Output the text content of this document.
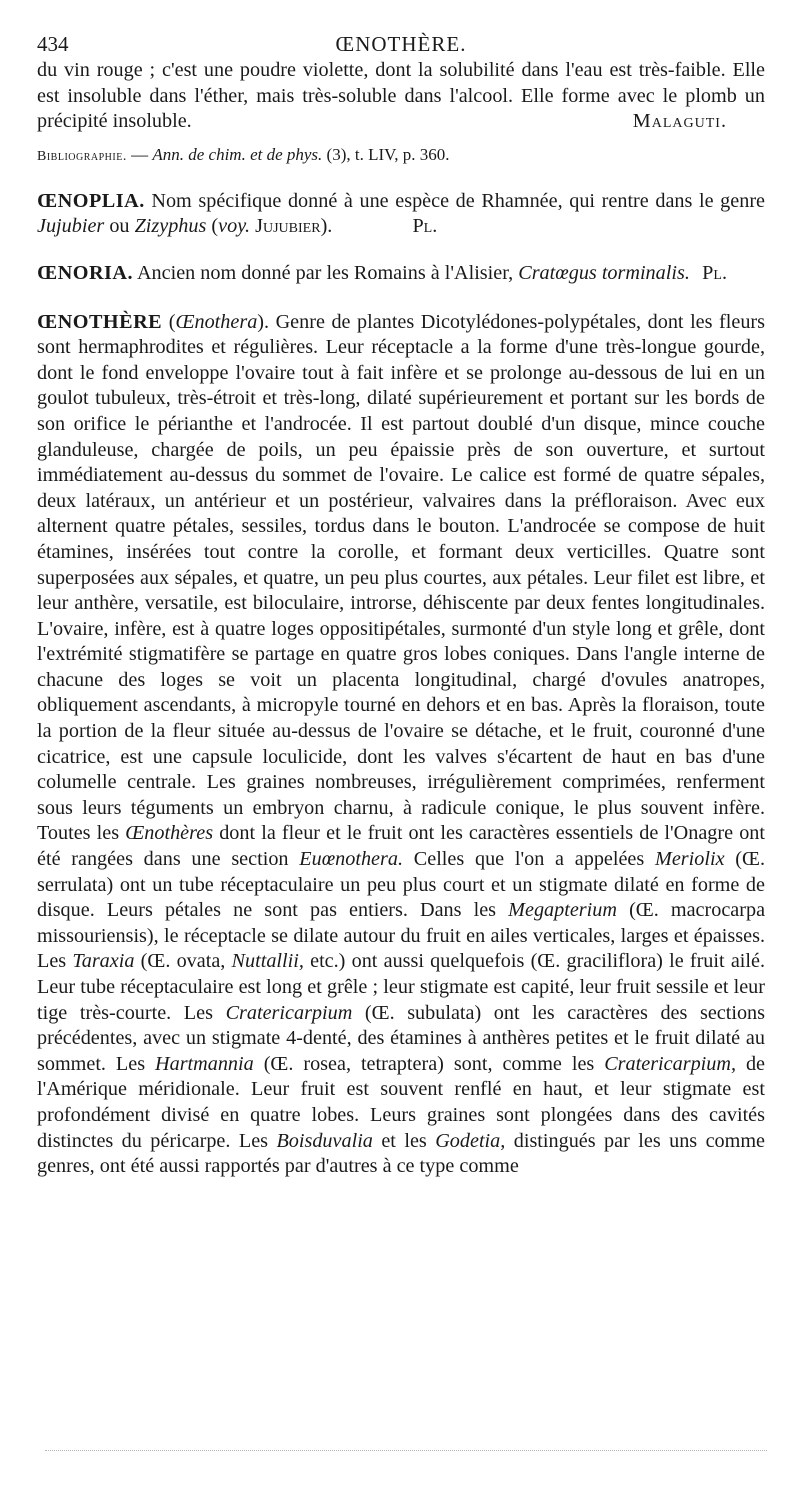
434	ŒNOTHÈRE.
du vin rouge ; c'est une poudre violette, dont la solubilité dans l'eau est très-faible. Elle est insoluble dans l'éther, mais très-soluble dans l'alcool. Elle forme avec le plomb un précipité insoluble.	Malaguti.
Bibliographie. — Ann. de chim. et de phys. (3), t. LIV, p. 360.

ŒNOPLIA. Nom spécifique donné à une espèce de Rhamnée, qui rentre dans le genre Jujubier ou Zizyphus (voy. Jujubier).	Pl.

ŒNORIA. Ancien nom donné par les Romains à l'Alisier, Cratœgus torminalis. Pl.

ŒNOTHÈRE (Œnothera). Genre de plantes Dicotylédones-polypétales, dont les fleurs sont hermaphrodites et régulières. Leur réceptacle a la forme d'une très-longue gourde, dont le fond enveloppe l'ovaire tout à fait infère et se prolonge au-dessous de lui en un goulot tubuleux, très-étroit et très-long, dilaté supérieurement et portant sur les bords de son orifice le périanthe et l'androcée. Il est partout doublé d'un disque, mince couche glanduleuse, chargée de poils, un peu épaissie près de son ouverture, et surtout immédiatement au-dessus du sommet de l'ovaire. Le calice est formé de quatre sépales, deux latéraux, un antérieur et un postérieur, valvaires dans la préfloraison. Avec eux alternent quatre pétales, sessiles, tordus dans le bouton. L'androcée se compose de huit étamines, insérées tout contre la corolle, et formant deux verticilles. Quatre sont superposées aux sépales, et quatre, un peu plus courtes, aux pétales. Leur filet est libre, et leur anthère, versatile, est biloculaire, introrse, déhiscente par deux fentes longitudinales. L'ovaire, infère, est à quatre loges oppositipétales, surmonté d'un style long et grêle, dont l'extrémité stigmatifère se partage en quatre gros lobes coniques. Dans l'angle interne de chacune des loges se voit un placenta longitudinal, chargé d'ovules anatropes, obliquement ascendants, à micropyle tourné en dehors et en bas. Après la floraison, toute la portion de la fleur située au-dessus de l'ovaire se détache, et le fruit, couronné d'une cicatrice, est une capsule loculicide, dont les valves s'écartent de haut en bas d'une columelle centrale. Les graines nombreuses, irrégulièrement comprimées, renferment sous leurs téguments un embryon charnu, à radicule conique, le plus souvent infère. Toutes les Œnothères dont la fleur et le fruit ont les caractères essentiels de l'Onagre ont été rangées dans une section Euœnothera. Celles que l'on a appelées Meriolix (Œ. serrulata) ont un tube réceptaculaire un peu plus court et un stigmate dilaté en forme de disque. Leurs pétales ne sont pas entiers. Dans les Megapterium (Œ. macrocarpa missouriensis), le réceptacle se dilate autour du fruit en ailes verticales, larges et épaisses. Les Taraxia (Œ. ovata, Nuttallii, etc.) ont aussi quelquefois (Œ. graciliflora) le fruit ailé. Leur tube réceptaculaire est long et grêle ; leur stigmate est capité, leur fruit sessile et leur tige très-courte. Les Cratericarpium (Œ. subulata) ont les caractères des sections précédentes, avec un stigmate 4-denté, des étamines à anthères petites et le fruit dilaté au sommet. Les Hartmannia (Œ. rosea, tetraptera) sont, comme les Cratericarpium, de l'Amérique méridionale. Leur fruit est souvent renflé en haut, et leur stigmate est profondément divisé en quatre lobes. Leurs graines sont plongées dans des cavités distinctes du péricarpe. Les Boisduvalia et les Godetia, distingués par les uns comme genres, ont été aussi rapportés par d'autres à ce type comme
